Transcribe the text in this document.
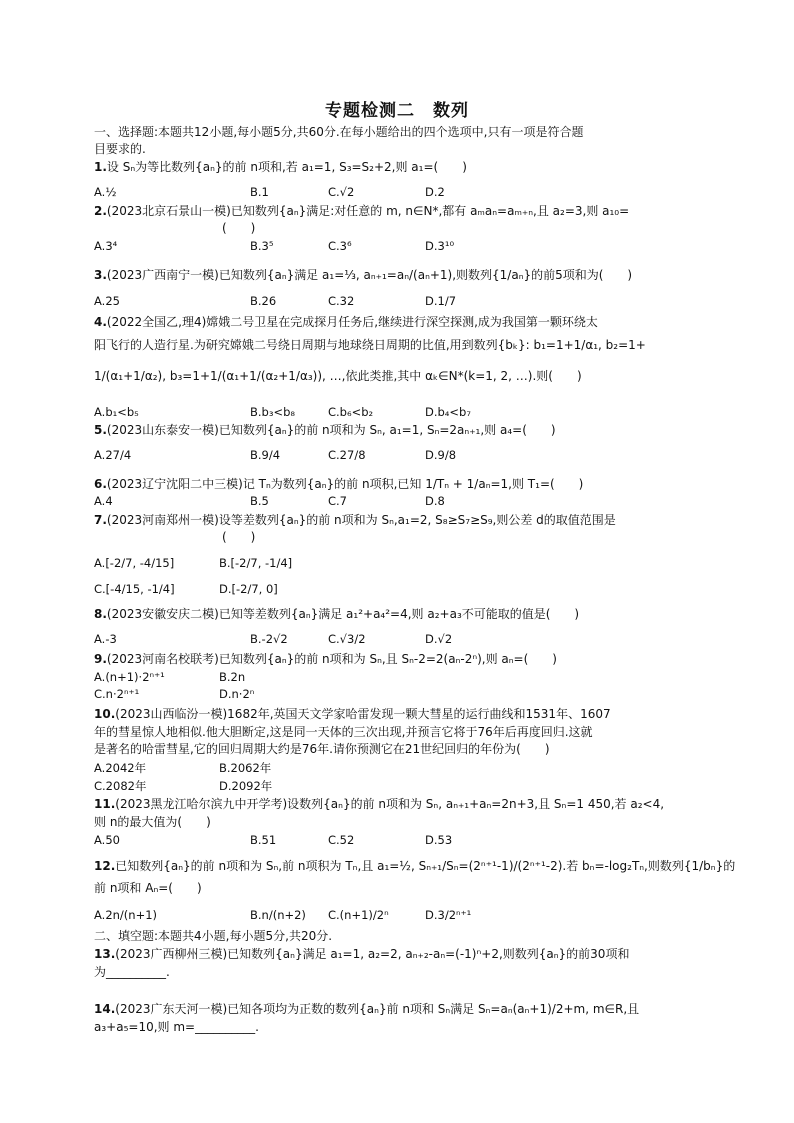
专题检测二　数列
一、选择题:本题共12小题,每小题5分,共60分.在每小题给出的四个选项中,只有一项是符合题
目要求的.
1.设 Sₙ为等比数列{aₙ}的前 n项和,若 a₁=1, S₃=S₂+2,则 a₁=(　　)
A.½	B.1	C.√2	D.2
2.(2023北京石景山一模)已知数列{aₙ}满足:对任意的 m, n∈N*,都有 aₘaₙ=aₘ₊ₙ,且 a₂=3,则 a₁₀=
(　　)
A.3⁴	B.3⁵	C.3⁶	D.3¹⁰
3.(2023广西南宁一模)已知数列{aₙ}满足 a₁=⅓, aₙ₊₁=aₙ/(aₙ+1),则数列{1/aₙ}的前5项和为(　　)
A.25	B.26	C.32	D.1/7
4.(2022全国乙,理4)嫦娥二号卫星在完成探月任务后,继续进行深空探测,成为我国第一颗环绕太
阳飞行的人造行星.为研究嫦娥二号绕日周期与地球绕日周期的比值,用到数列{bₖ}: b₁=1+1/α₁, b₂=1+
1/(α₁+1/α₂), b₃=1+1/(α₁+1/(α₂+1/α₃)), …,依此类推,其中 αₖ∈N*(k=1, 2, …).则(　　)
A.b₁<b₅	B.b₃<b₈	C.b₆<b₂	D.b₄<b₇
5.(2023山东泰安一模)已知数列{aₙ}的前 n项和为 Sₙ, a₁=1, Sₙ=2aₙ₊₁,则 a₄=(　　)
A.27/4	B.9/4	C.27/8	D.9/8
6.(2023辽宁沈阳二中三模)记 Tₙ为数列{aₙ}的前 n项积,已知 1/Tₙ + 1/aₙ=1,则 T₁=(　　)
A.4	B.5	C.7	D.8
7.(2023河南郑州一模)设等差数列{aₙ}的前 n项和为 Sₙ,a₁=2, S₈≥S₇≥S₉,则公差 d的取值范围是
(　　)
A.[-2/7, -4/15]	B.[-2/7, -1/4]
C.[-4/15, -1/4]	D.[-2/7, 0]
8.(2023安徽安庆二模)已知等差数列{aₙ}满足 a₁²+a₄²=4,则 a₂+a₃不可能取的值是(　　)
A.-3	B.-2√2	C.√3/2	D.√2
9.(2023河南名校联考)已知数列{aₙ}的前 n项和为 Sₙ,且 Sₙ-2=2(aₙ-2ⁿ),则 aₙ=(　　)
A.(n+1)·2ⁿ⁺¹	B.2n
C.n·2ⁿ⁺¹	D.n·2ⁿ
10.(2023山西临汾一模)1682年,英国天文学家哈雷发现一颗大彗星的运行曲线和1531年、1607
年的彗星惊人地相似.他大胆断定,这是同一天体的三次出现,并预言它将于76年后再度回归.这就
是著名的哈雷彗星,它的回归周期大约是76年.请你预测它在21世纪回归的年份为(　　)
A.2042年	B.2062年
C.2082年	D.2092年
11.(2023黑龙江哈尔滨九中开学考)设数列{aₙ}的前 n项和为 Sₙ, aₙ₊₁+aₙ=2n+3,且 Sₙ=1 450,若 a₂<4,
则 n的最大值为(　　)
A.50	B.51	C.52	D.53
12.已知数列{aₙ}的前 n项和为 Sₙ,前 n项积为 Tₙ,且 a₁=½, Sₙ₊₁/Sₙ=(2ⁿ⁺¹-1)/(2ⁿ⁺¹-2).若 bₙ=-log₂Tₙ,则数列{1/bₙ}的
前 n项和 Aₙ=(　　)
A.2n/(n+1)	B.n/(n+2) C.(n+1)/2ⁿ	D.3/2ⁿ⁺¹
二、填空题:本题共4小题,每小题5分,共20分.
13.(2023广西柳州三模)已知数列{aₙ}满足 a₁=1, a₂=2, aₙ₊₂-aₙ=(-1)ⁿ+2,则数列{aₙ}的前30项和
为__________.
14.(2023广东天河一模)已知各项均为正数的数列{aₙ}前 n项和 Sₙ满足 Sₙ=aₙ(aₙ+1)/2+m, m∈R,且
a₃+a₅=10,则 m=__________.
